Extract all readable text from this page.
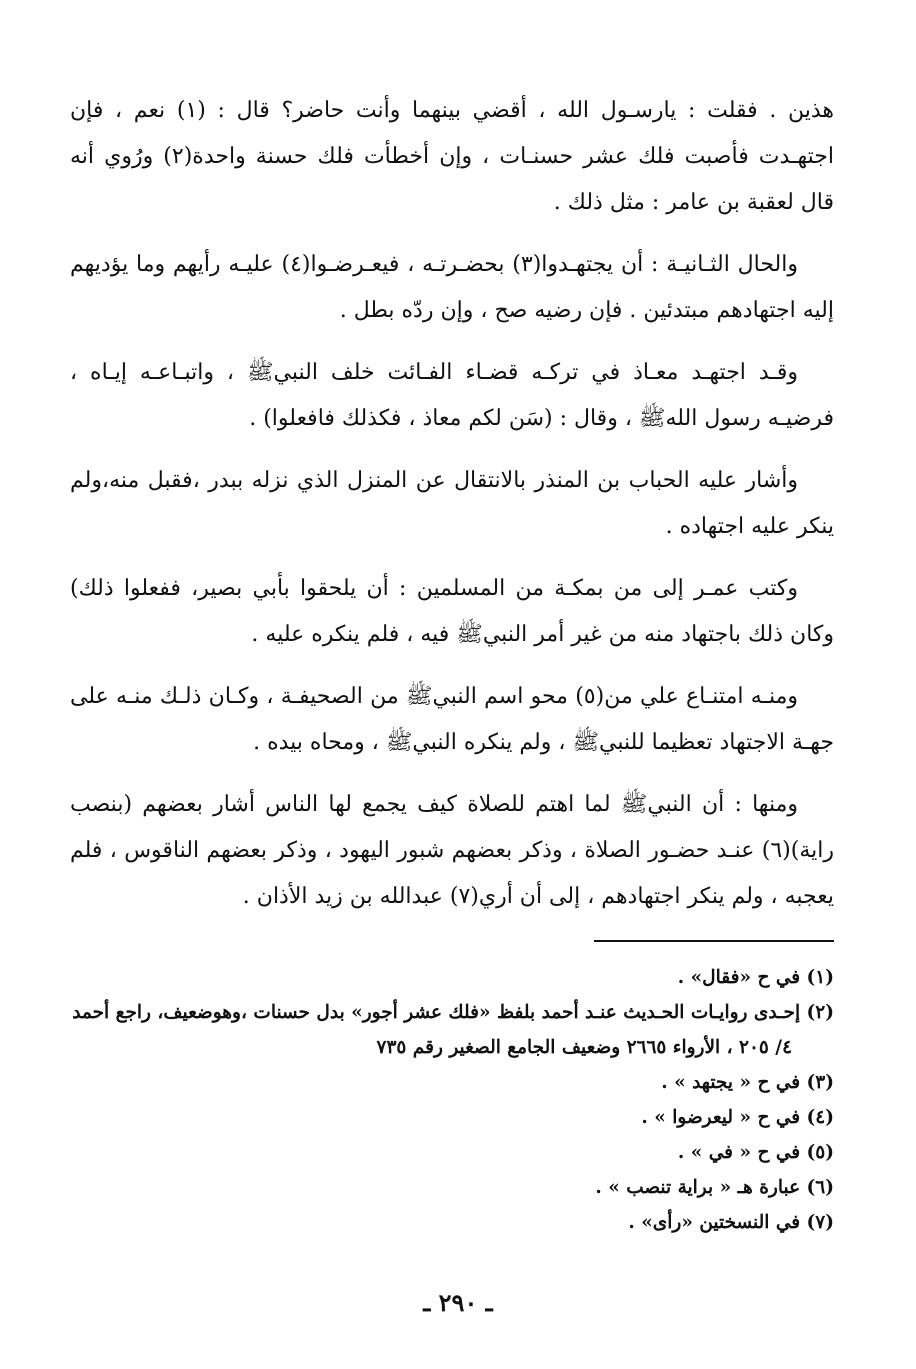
هذين . فقلت : يارسـول الله ، أقضي بينهما وأنت حاضر؟ قال : (١) نعم ، فإن اجتهـدت فأصبت فلك عشر حسنـات ، وإن أخطأت فلك حسنة واحدة(٢) ورُوي أنه قال لعقبة بن عامر : مثل ذلك .

والحال الثـانيـة : أن يجتهـدوا(٣) بحضـرتـه ، فيعـرضـوا(٤) عليـه رأيهم وما يؤديهم إليه اجتهادهم مبتدئين . فإن رضيه صح ، وإن ردّه بطل .

وقـد اجتهـد معـاذ في تركـه قضـاء الفـائت خلف النبيﷺ ، واتبـاعـه إيـاه ، فرضيـه رسول اللهﷺ ، وقال : (سَن لكم معاذ ، فكذلك فافعلوا) .

وأشار عليه الحباب بن المنذر بالانتقال عن المنزل الذي نزله ببدر ،فقبل منه،ولم ينكر عليه اجتهاده .

وكتب عمـر إلى من بمكـة من المسلمين : أن يلحقوا بأبي بصير، ففعلوا ذلك) وكان ذلك باجتهاد منه من غير أمر النبيﷺ فيه ، فلم ينكره عليه .

ومنـه امتنـاع علي من(٥) محو اسم النبيﷺ من الصحيفـة ، وكـان ذلـك منـه على جهـة الاجتهاد تعظيما للنبيﷺ ، ولم ينكره النبيﷺ ، ومحاه بيده .

ومنها : أن النبيﷺ لما اهتم للصلاة كيف يجمع لها الناس أشار بعضهم (بنصب راية)(٦) عنـد حضـور الصلاة ، وذكر بعضهم شبور اليهود ، وذكر بعضهم الناقوس ، فلم يعجبه ، ولم ينكر اجتهادهم ، إلى أن أري(٧) عبدالله بن زيد الأذان .

(١) في ح «فقال» .

(٢) إحـدى روايـات الحـديث عنـد أحمد بلفظ «فلك عشر أجور» بدل حسنات ،وهوضعيف، راجع أحمد

٤/ ٢٠٥ ، الأرواء ٢٦٦٥ وضعيف الجامع الصغير رقم ٧٣٥

(٣) في ح « يجتهد » .

(٤) في ح « ليعرضوا » .

(٥) في ح « في » .

(٦) عبارة هـ « براية تنصب » .

(٧) في النسختين «رأى» .

ـ ٢٩٠ ـ
